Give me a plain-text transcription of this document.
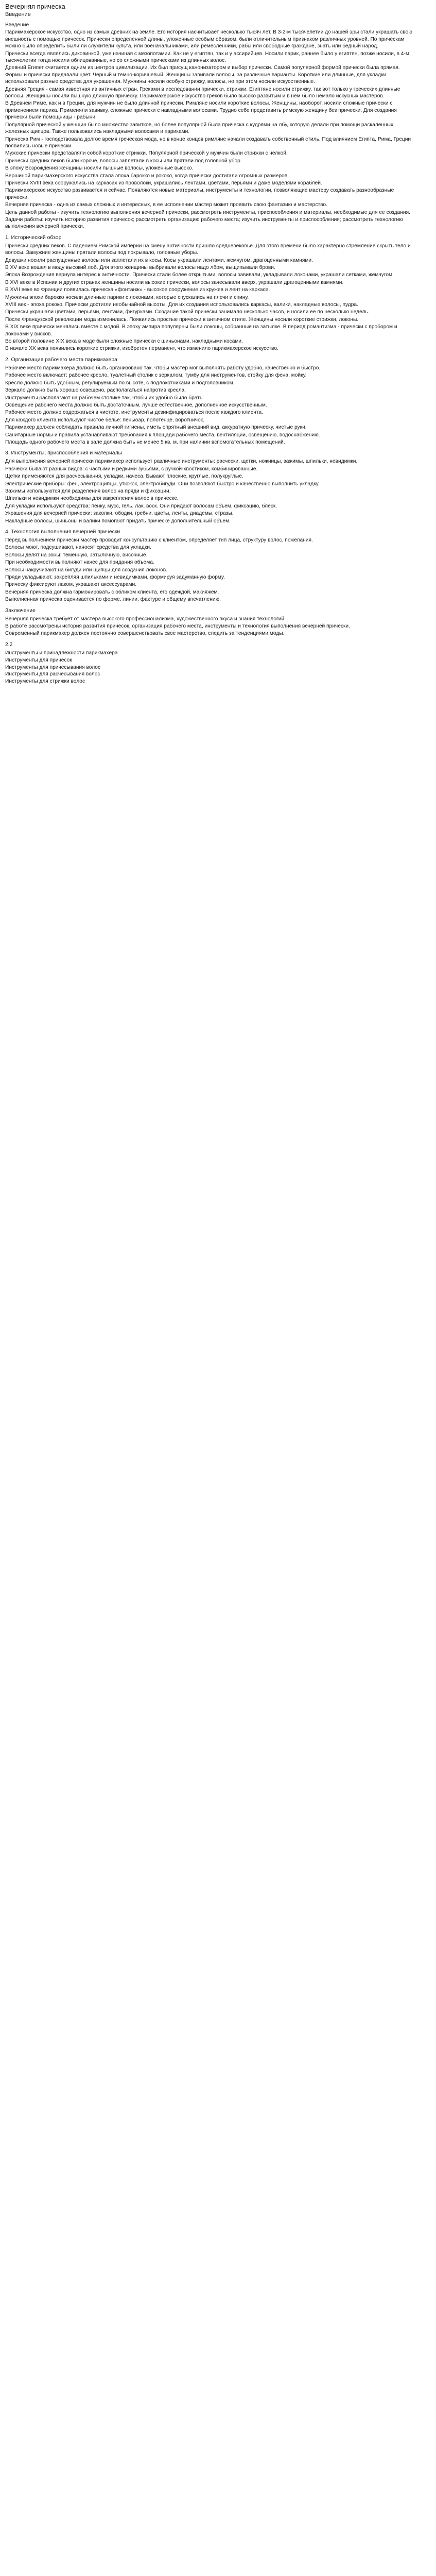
Вечерняя прическа
Введение
Введение
Парикмахерское искусство, одно из самых древних на земле. Его история насчитывает несколько тысяч лет. В 3-2-м тысячелетии до нашей эры стали украшать свою внешность с помощью причесок. Прически определенной длины, уложенные особым образом, были отличительным признаком различных уровней. По причёскам можно было определить были ли служители культа, или военачальниками, или ремесленники, рабы или свободные граждане, знать или бедный народ.
Прически всегда являлись диковинкой, уже начиная с мезопотамии. Как не у египтян, так и у ассирийцев. Носили парик, раннее было у египтян, позже носили, в 4-м тысячелетии тогда носили облицованные, но со сложными прическами из длинных волос.
Древний Египет считается одним из центров цивилизации. Их был присущ канонизатором и выбор прически. Самой популярной формой прически была прямая. Формы и прически придавали цвет. Черный и темно-коричневый. Женщины завивали волосы, за различные варианты. Короткие или длинные, для укладки использовали разные средства для украшения. Мужчины носили особую стрижку, волосы, но при этом носили искусственные.
Древняя Греция - самая известная из античных стран. Греками в исследовании прически, стрижки. Египтяне носили стрижку, так вот только у греческих длинные волосы. Женщины носили пышную длинную прическу. Парикмахерское искусство греков было высоко развитым и в нем было немало искусных мастеров.
В Древнем Риме, как и в Греции, для мужчин не было длинной прически. Римляне носили короткие волосы. Женщины, наоборот, носили сложные прически с применением парика. Применяли завивку, сложные прически с накладными волосами. Трудно себе представить римскую женщину без прически. Для создания прически были помощницы - рабыни.
Популярной прической у женщин было множество завитков, но более популярной была прическа с кудрями на лбу, которую делали при помощи раскаленных железных щипцов. Также пользовались накладными волосами и париками.
Прическа Рим - господствовала долгое время греческая мода, но в конце концов римляне начали создавать собственный стиль. Под влиянием Египта, Рима, Греции появились новые прически.
Мужские прически представляли собой короткие стрижки. Популярной прической у мужчин были стрижки с челкой.
Прически средних веков были короче, волосы заплетали в косы или прятали под головной убор.
В эпоху Возрождения женщины носили пышные волосы, уложенные высоко.
Вершиной парикмахерского искусства стала эпоха барокко и рококо, когда прически достигали огромных размеров.
Прически XVIII века сооружались на каркасах из проволоки, украшались лентами, цветами, перьями и даже моделями кораблей.
Парикмахерское искусство развивается и сейчас. Появляются новые материалы, инструменты и технологии, позволяющие мастеру создавать разнообразные прически.
Вечерняя прическа - одна из самых сложных и интересных, в ее исполнении мастер может проявить свою фантазию и мастерство.
Цель данной работы - изучить технологию выполнения вечерней прически, рассмотреть инструменты, приспособления и материалы, необходимые для ее создания.
Задачи работы: изучить историю развития причесок; рассмотреть организацию рабочего места; изучить инструменты и приспособления; рассмотреть технологию выполнения вечерней прически.
1. Исторический обзор
Прически средних веков. С падением Римской империи на смену античности пришло средневековье. Для этого времени было характерно стремление скрыть тело и волосы. Замужние женщины прятали волосы под покрывало, головные уборы.
Девушки носили распущенные волосы или заплетали их в косы. Косы украшали лентами, жемчугом, драгоценными камнями.
В XV веке вошел в моду высокий лоб. Для этого женщины выбривали волосы надо лбом, выщипывали брови.
Эпоха Возрождения вернула интерес к античности. Прически стали более открытыми, волосы завивали, укладывали локонами, украшали сетками, жемчугом.
В XVI веке в Испании и других странах женщины носили высокие прически, волосы зачесывали вверх, украшали драгоценными камнями.
В XVII веке во Франции появилась прическа «фонтанж» - высокое сооружение из кружев и лент на каркасе.
Мужчины эпохи барокко носили длинные парики с локонами, которые спускались на плечи и спину.
XVIII век - эпоха рококо. Прически достигли необычайной высоты. Для их создания использовались каркасы, валики, накладные волосы, пудра.
Прически украшали цветами, перьями, лентами, фигурками. Создание такой прически занимало несколько часов, и носили ее по несколько недель.
После Французской революции мода изменилась. Появились простые прически в античном стиле. Женщины носили короткие стрижки, локоны.
В XIX веке прически менялись вместе с модой. В эпоху ампира популярны были локоны, собранные на затылке. В период романтизма - прически с пробором и локонами у висков.
Во второй половине XIX века в моде были сложные прически с шиньонами, накладными косами.
В начале XX века появились короткие стрижки, изобретен перманент, что изменило парикмахерское искусство.
2. Организация рабочего места парикмахера
Рабочее место парикмахера должно быть организовано так, чтобы мастер мог выполнять работу удобно, качественно и быстро.
Рабочее место включает: рабочее кресло, туалетный столик с зеркалом, тумбу для инструментов, стойку для фена, мойку.
Кресло должно быть удобным, регулируемым по высоте, с подлокотниками и подголовником.
Зеркало должно быть хорошо освещено, располагаться напротив кресла.
Инструменты располагают на рабочем столике так, чтобы их удобно было брать.
Освещение рабочего места должно быть достаточным, лучше естественное, дополненное искусственным.
Рабочее место должно содержаться в чистоте, инструменты дезинфицироваться после каждого клиента.
Для каждого клиента используют чистое белье: пеньюар, полотенце, воротничок.
Парикмахер должен соблюдать правила личной гигиены, иметь опрятный внешний вид, аккуратную прическу, чистые руки.
Санитарные нормы и правила устанавливают требования к площади рабочего места, вентиляции, освещению, водоснабжению.
Площадь одного рабочего места в зале должна быть не менее 5 кв. м. при наличии вспомогательных помещений.
3. Инструменты, приспособления и материалы
Для выполнения вечерней прически парикмахер использует различные инструменты: расчески, щетки, ножницы, зажимы, шпильки, невидимки.
Расчески бывают разных видов: с частыми и редкими зубьями, с ручкой-хвостиком, комбинированные.
Щетки применяются для расчесывания, укладки, начеса. Бывают плоские, круглые, полукруглые.
Электрические приборы: фен, электрощипцы, утюжок, электробигуди. Они позволяют быстро и качественно выполнить укладку.
Зажимы используются для разделения волос на пряди и фиксации.
Шпильки и невидимки необходимы для закрепления волос в прическе.
Для укладки используют средства: пенку, мусс, гель, лак, воск. Они придают волосам объем, фиксацию, блеск.
Украшения для вечерней прически: заколки, ободки, гребни, цветы, ленты, диадемы, стразы.
Накладные волосы, шиньоны и валики помогают придать прическе дополнительный объем.
4. Технология выполнения вечерней прически
Перед выполнением прически мастер проводит консультацию с клиентом, определяет тип лица, структуру волос, пожелания.
Волосы моют, подсушивают, наносят средства для укладки.
Волосы делят на зоны: теменную, затылочную, височные.
При необходимости выполняют начес для придания объема.
Волосы накручивают на бигуди или щипцы для создания локонов.
Пряди укладывают, закрепляя шпильками и невидимками, формируя задуманную форму.
Прическу фиксируют лаком, украшают аксессуарами.
Вечерняя прическа должна гармонировать с обликом клиента, его одеждой, макияжем.
Выполненная прическа оценивается по форме, линии, фактуре и общему впечатлению.
Заключение
Вечерняя прическа требует от мастера высокого профессионализма, художественного вкуса и знания технологий.
В работе рассмотрены история развития причесок, организация рабочего места, инструменты и технология выполнения вечерней прически.
Современный парикмахер должен постоянно совершенствовать свое мастерство, следить за тенденциями моды.
2.2
Инструменты и принадлежности парикмахера
Инструменты для причесок
Инструменты для причесывания волос
Инструменты для расчесывания волос
Инструменты для стрижки волос
